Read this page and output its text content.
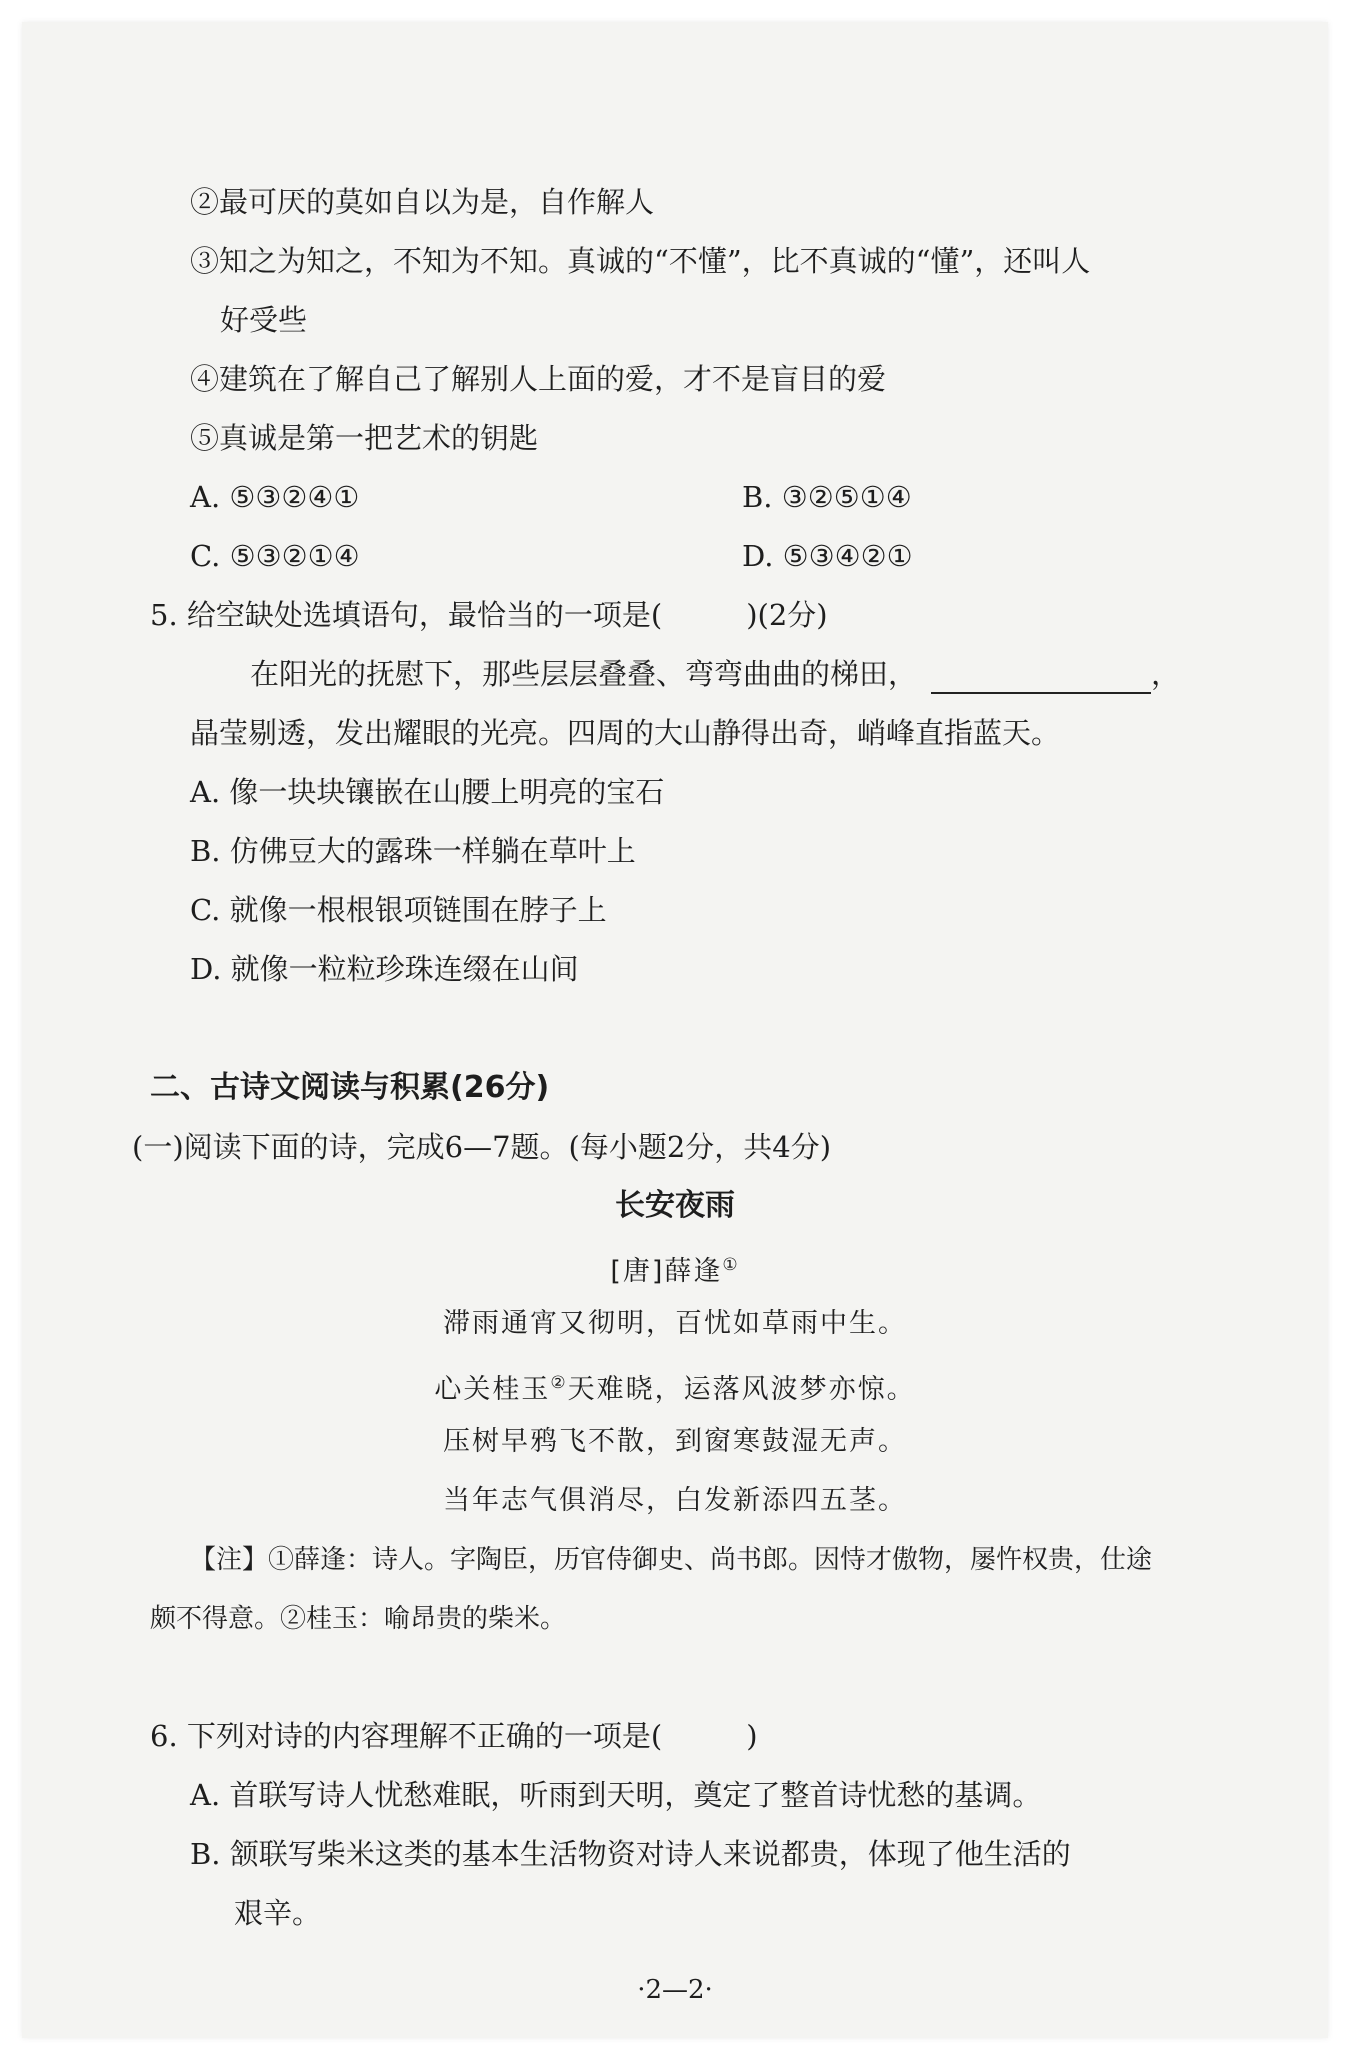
②最可厌的莫如自以为是，自作解人
③知之为知之，不知为不知。真诚的“不懂”，比不真诚的“懂”，还叫人
好受些
④建筑在了解自己了解别人上面的爱，才不是盲目的爱
⑤真诚是第一把艺术的钥匙
A. ⑤③②④①	B. ③②⑤①④
C. ⑤③②①④	D. ⑤③④②①
5. 给空缺处选填语句，最恰当的一项是(	)(2分)
在阳光的抚慰下，那些层层叠叠、弯弯曲曲的梯田，	，
晶莹剔透，发出耀眼的光亮。四周的大山静得出奇，峭峰直指蓝天。
A. 像一块块镶嵌在山腰上明亮的宝石
B. 仿佛豆大的露珠一样躺在草叶上
C. 就像一根根银项链围在脖子上
D. 就像一粒粒珍珠连缀在山间
二、古诗文阅读与积累(26分)
(一)阅读下面的诗，完成6—7题。(每小题2分，共4分)
长安夜雨
[唐]薛逢①
滞雨通宵又彻明，百忧如草雨中生。
心关桂玉②天难晓，运落风波梦亦惊。
压树早鸦飞不散，到窗寒鼓湿无声。
当年志气俱消尽，白发新添四五茎。
【注】①薛逢：诗人。字陶臣，历官侍御史、尚书郎。因恃才傲物，屡忤权贵，仕途
颇不得意。②桂玉：喻昂贵的柴米。
6. 下列对诗的内容理解不正确的一项是(	)
A. 首联写诗人忧愁难眠，听雨到天明，奠定了整首诗忧愁的基调。
B. 颔联写柴米这类的基本生活物资对诗人来说都贵，体现了他生活的
艰辛。
·2—2·
